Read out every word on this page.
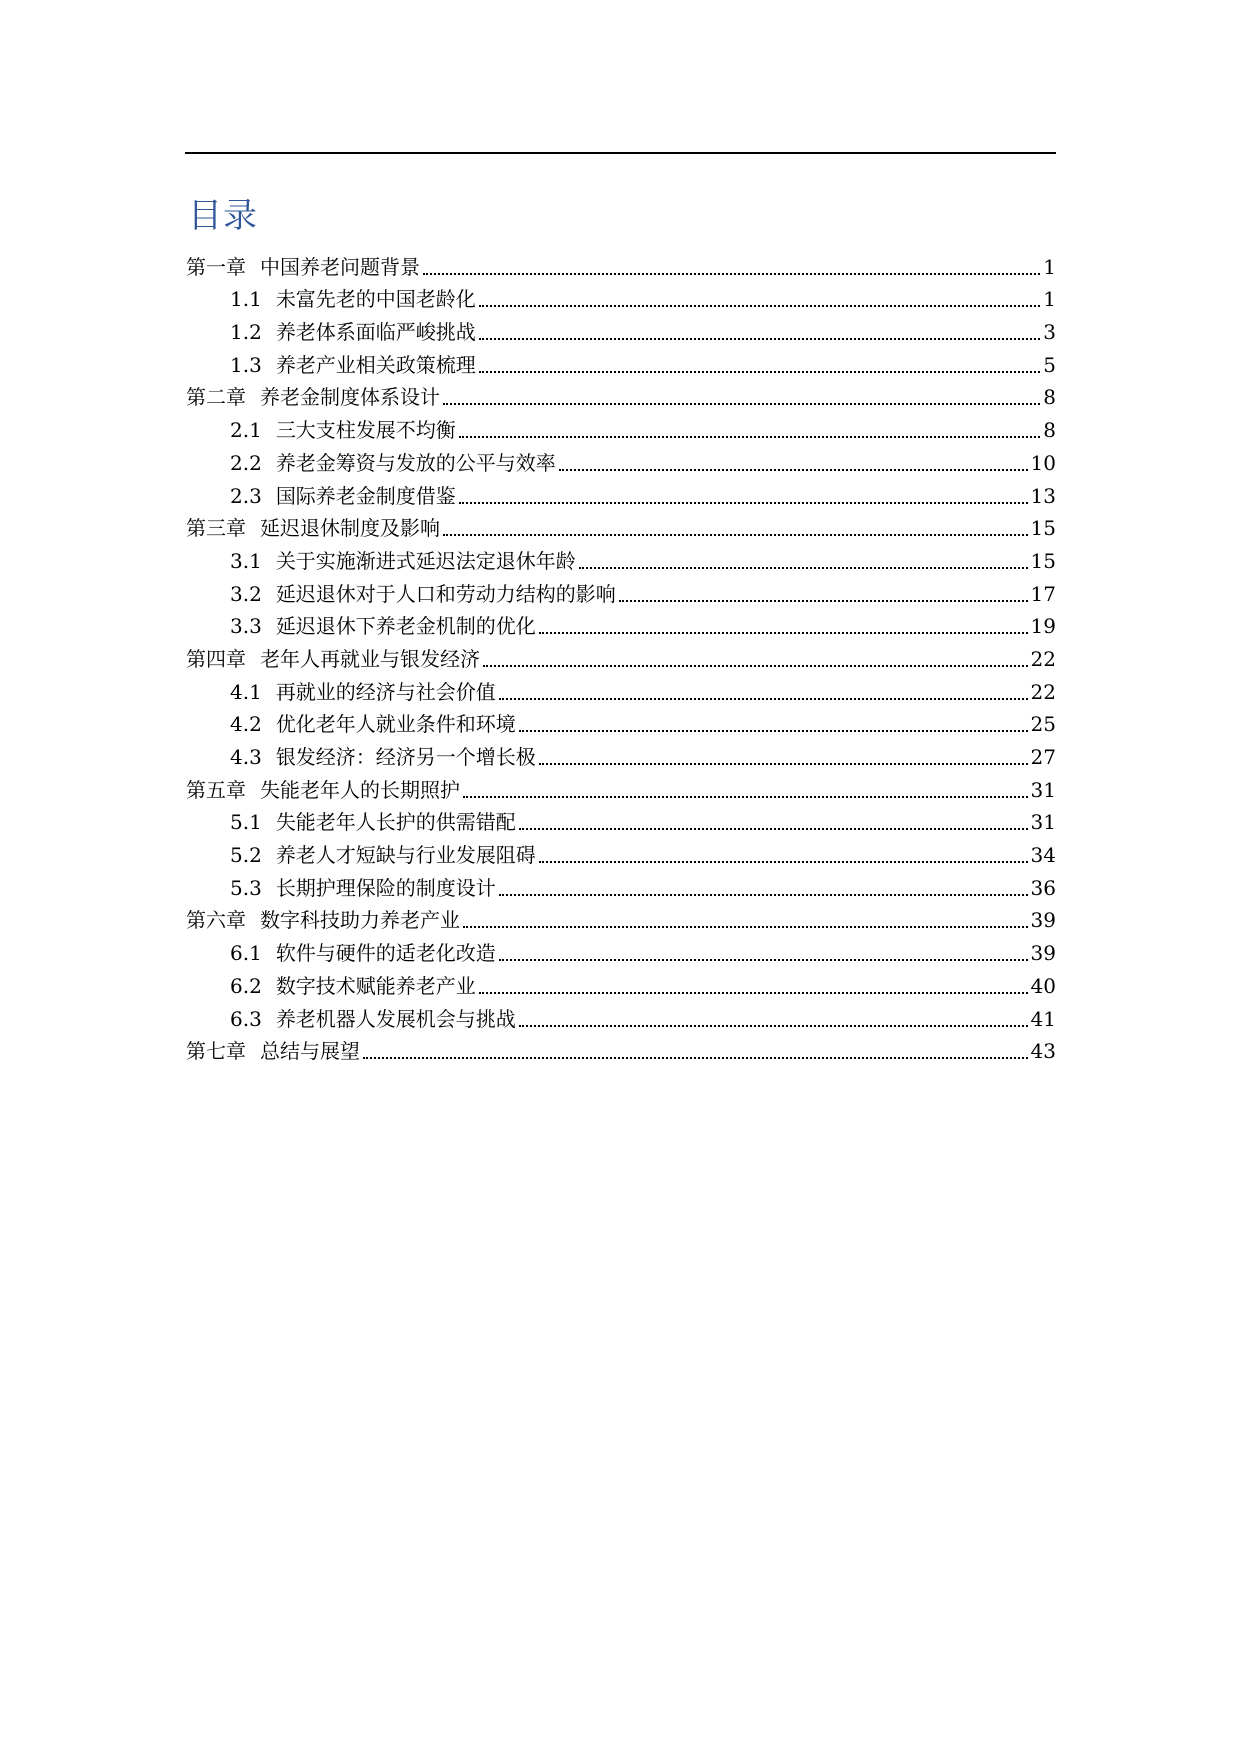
目录
第一章 中国养老问题背景	1
1.1 未富先老的中国老龄化	1
1.2 养老体系面临严峻挑战	3
1.3 养老产业相关政策梳理	5
第二章 养老金制度体系设计	8
2.1 三大支柱发展不均衡	8
2.2 养老金筹资与发放的公平与效率	10
2.3 国际养老金制度借鉴	13
第三章 延迟退休制度及影响	15
3.1 关于实施渐进式延迟法定退休年龄	15
3.2 延迟退休对于人口和劳动力结构的影响	17
3.3 延迟退休下养老金机制的优化	19
第四章 老年人再就业与银发经济	22
4.1 再就业的经济与社会价值	22
4.2 优化老年人就业条件和环境	25
4.3 银发经济：经济另一个增长极	27
第五章 失能老年人的长期照护	31
5.1 失能老年人长护的供需错配	31
5.2 养老人才短缺与行业发展阻碍	34
5.3 长期护理保险的制度设计	36
第六章 数字科技助力养老产业	39
6.1 软件与硬件的适老化改造	39
6.2 数字技术赋能养老产业	40
6.3 养老机器人发展机会与挑战	41
第七章 总结与展望	43
